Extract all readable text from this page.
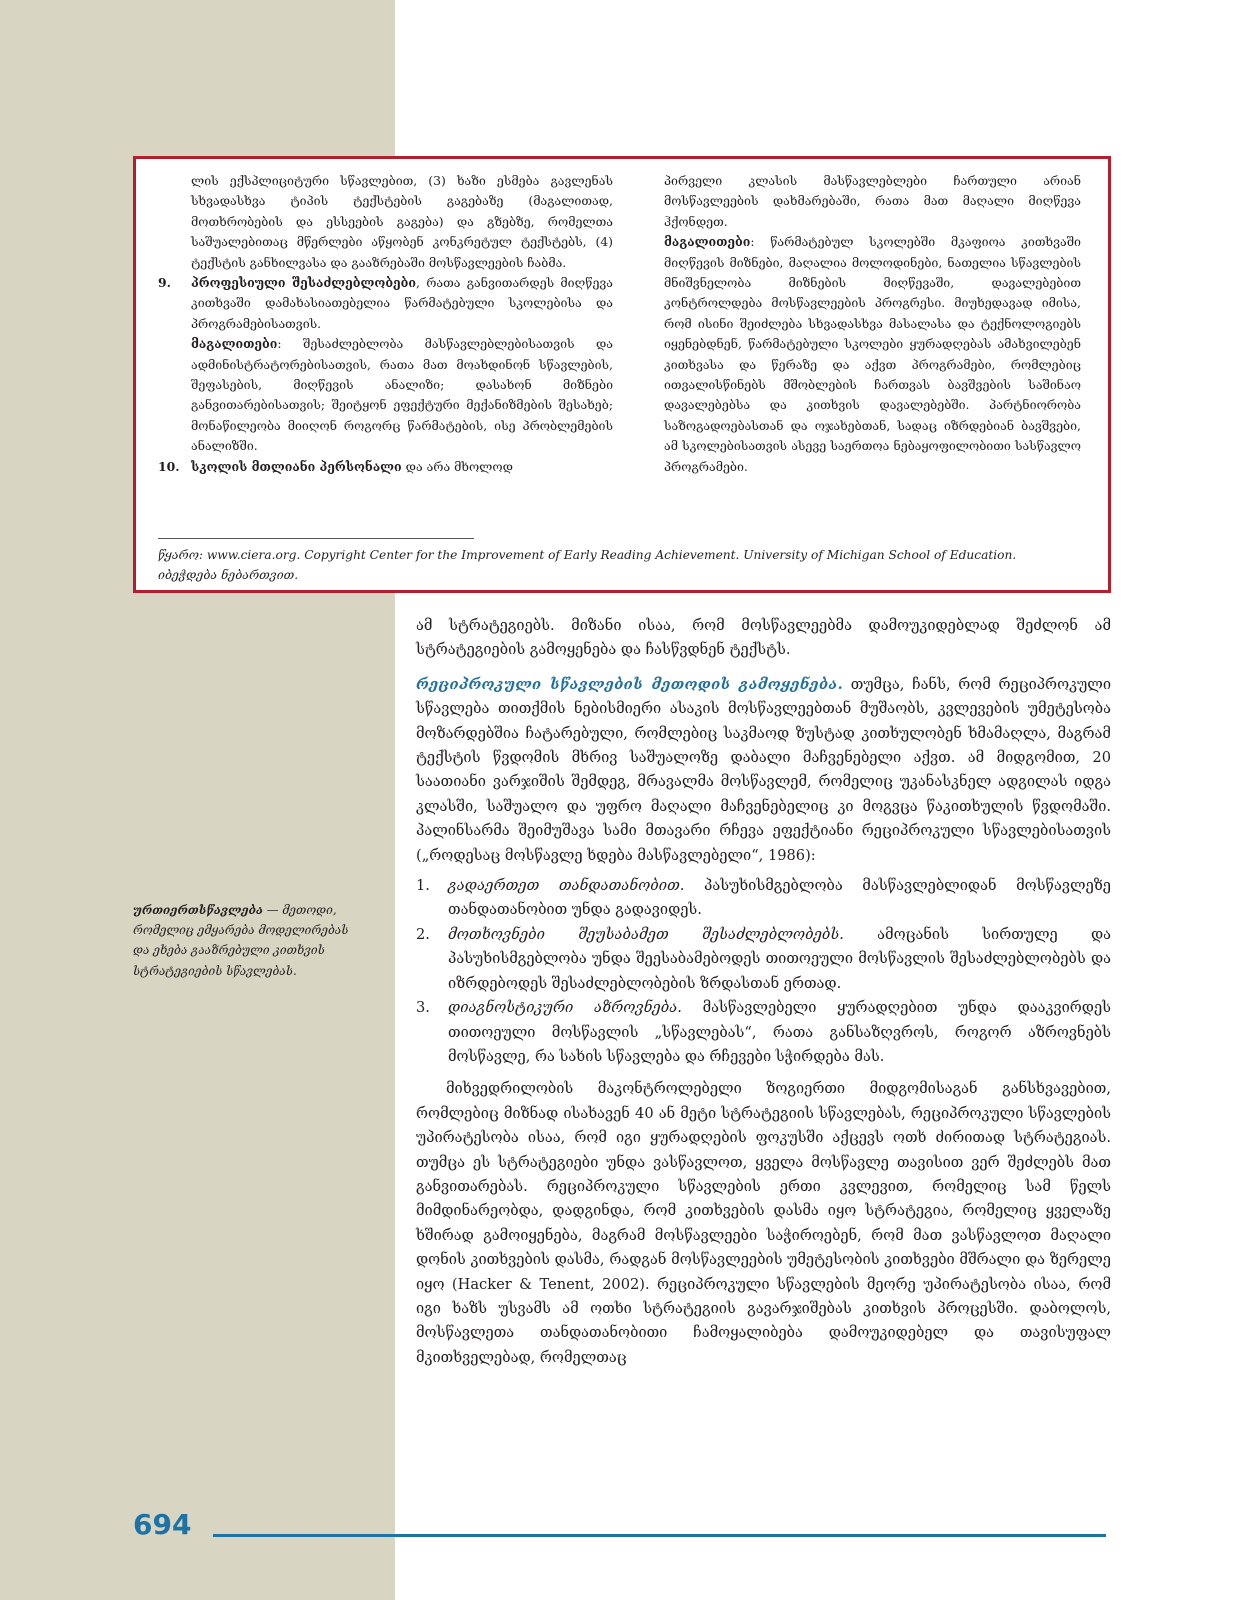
ლის ექსპლიციტური სწავლებით, (3) ხაზი ესმება გავლენას სხვადასხვა ტიპის ტექსტების გაგებაზე (მაგალითად, მოთხრობების და ესსეების გაგება) და გზებზე, რომელთა საშუალებითაც მწერლები აწყობენ კონკრეტულ ტექსტებს, (4) ტექსტის განხილვასა და გააზრებაში მოსწავლეების ჩაბმა.

9. პროფესიული შესაძლებლობები, რათა განვითარდეს მიღწევა კითხვაში დამახასიათებელია წარმატებული სკოლებისა და პროგრამებისათვის.

მაგალითები: შესაძლებლობა მასწავლებლებისათვის და ადმინისტრატორებისათვის, რათა მათ მოახდინონ სწავლების, შეფასების, მიღწევის ანალიზი; დასახონ მიზნები განვითარებისათვის; შეიტყონ ეფექტური მექანიზმების შესახებ; მონაწილეობა მიიღონ როგორც წარმატების, ისე პრობლემების ანალიზში.

10. სკოლის მთლიანი პერსონალი და არა მხოლოდ

პირველი კლასის მასწავლებლები ჩართული არიან მოსწავლეების დახმარებაში, რათა მათ მაღალი მიღწევა ჰქონდეთ.

მაგალითები: წარმატებულ სკოლებში მკაფიოა კითხვაში მიღწევის მიზნები, მაღალია მოლოდინები, ნათელია სწავლების მნიშვნელობა მიზნების მიღწევაში, დავალებებით კონტროლდება მოსწავლეების პროგრესი. მიუხედავად იმისა, რომ ისინი შეიძლება სხვადასხვა მასალასა და ტექნოლოგიებს იყენებდნენ, წარმატებული სკოლები ყურადღებას ამახვილებენ კითხვასა და წერაზე და აქვთ პროგრამები, რომლებიც ითვალისწინებს მშობლების ჩართვას ბავშვების საშინაო დავალებებსა და კითხვის დავალებებში. პარტნიორობა საზოგადოებასთან და ოჯახებთან, სადაც იზრდებიან ბავშვები, ამ სკოლებისათვის ასევე საერთოა ნებაყოფილობითი სასწავლო პროგრამები.

წყარო: www.ciera.org. Copyright Center for the Improvement of Early Reading Achievement. University of Michigan School of Education. იბეჭდება ნებართვით.
ურთიერთსწავლება — მეთოდი, რომელიც ემყარება მოდელირებას და ეხება გააზრებული კითხვის სტრატეგიების სწავლებას.

ამ სტრატეგიებს. მიზანი ისაა, რომ მოსწავლეებმა დამოუკიდებლად შეძლონ ამ სტრატეგიების გამოყენება და ჩასწვდნენ ტექსტს.

რეციპროკული სწავლების მეთოდის გამოყენება. თუმცა, ჩანს, რომ რეციპროკული სწავლება თითქმის ნებისმიერი ასაკის მოსწავლეებთან მუშაობს, კვლევების უმეტესობა მოზარდებშია ჩატარებული, რომლებიც საკმაოდ ზუსტად კითხულობენ ხმამაღლა, მაგრამ ტექსტის წვდომის მხრივ საშუალოზე დაბალი მაჩვენებელი აქვთ. ამ მიდგომით, 20 საათიანი ვარჯიშის შემდეგ, მრავალმა მოსწავლემ, რომელიც უკანასკნელ ადგილას იდგა კლასში, საშუალო და უფრო მაღალი მაჩვენებელიც კი მოგვცა წაკითხულის წვდომაში. პალინსარმა შეიმუშავა სამი მთავარი რჩევა ეფექტიანი რეციპროკული სწავლებისათვის („როდესაც მოსწავლე ხდება მასწავლებელი“, 1986):

1. გადაერთეთ თანდათანობით. პასუხისმგებლობა მასწავლებლიდან მოსწავლეზე თანდათანობით უნდა გადავიდეს.
2. მოთხოვნები შეუსაბამეთ შესაძლებლობებს. ამოცანის სირთულე და პასუხისმგებლობა უნდა შეესაბამებოდეს თითოეული მოსწავლის შესაძლებლობებს და იზრდებოდეს შესაძლებლობების ზრდასთან ერთად.
3. დიაგნოსტიკური აზროვნება. მასწავლებელი ყურადღებით უნდა დააკვირდეს თითოეული მოსწავლის „სწავლებას“, რათა განსაზღვროს, როგორ აზროვნებს მოსწავლე, რა სახის სწავლება და რჩევები სჭირდება მას.

მიხვედრილობის მაკონტროლებელი ზოგიერთი მიდგომისაგან განსხვავებით, რომლებიც მიზნად ისახავენ 40 ან მეტი სტრატეგიის სწავლებას, რეციპროკული სწავლების უპირატესობა ისაა, რომ იგი ყურადღების ფოკუსში აქცევს ოთხ ძირითად სტრატეგიას. თუმცა ეს სტრატეგიები უნდა ვასწავლოთ, ყველა მოსწავლე თავისით ვერ შეძლებს მათ განვითარებას. რეციპროკული სწავლების ერთი კვლევით, რომელიც სამ წელს მიმდინარეობდა, დადგინდა, რომ კითხვების დასმა იყო სტრატეგია, რომელიც ყველაზე ხშირად გამოიყენება, მაგრამ მოსწავლეები საჭიროებენ, რომ მათ ვასწავლოთ მაღალი დონის კითხვების დასმა, რადგან მოსწავლეების უმეტესობის კითხვები მშრალი და ზერელე იყო (Hacker & Tenent, 2002). რეციპროკული სწავლების მეორე უპირატესობა ისაა, რომ იგი ხაზს უსვამს ამ ოთხი სტრატეგიის გავარჯიშებას კითხვის პროცესში. დაბოლოს, მოსწავლეთა თანდათანობითი ჩამოყალიბება დამოუკიდებელ და თავისუფალ მკითხველებად, რომელთაც

694
